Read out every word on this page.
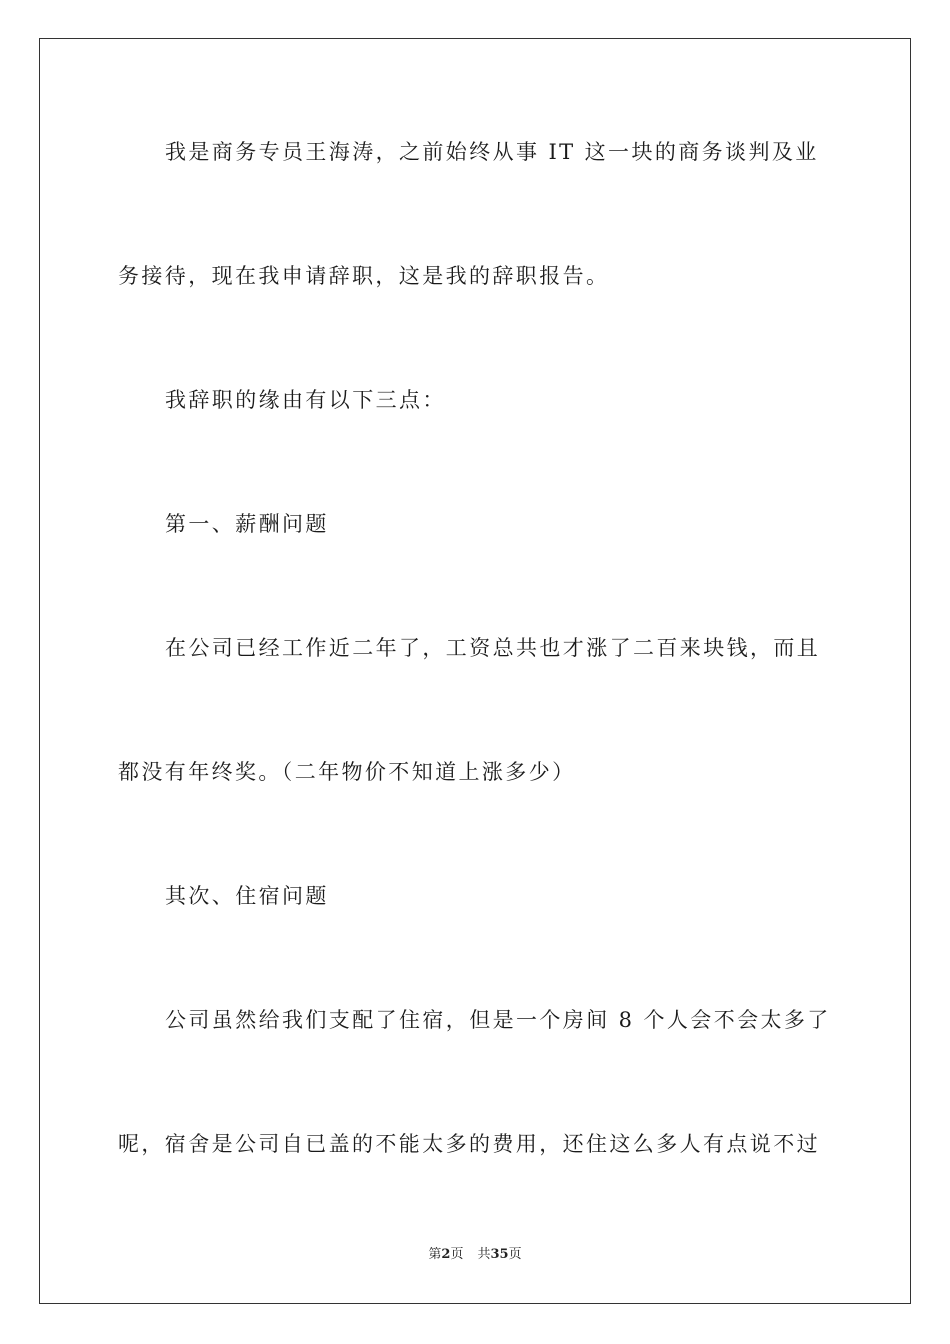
我是商务专员王海涛，之前始终从事 IT 这一块的商务谈判及业
务接待，现在我申请辞职，这是我的辞职报告。
我辞职的缘由有以下三点：
第一、薪酬问题
在公司已经工作近二年了，工资总共也才涨了二百来块钱，而且
都没有年终奖。（二年物价不知道上涨多少）
其次、住宿问题
公司虽然给我们支配了住宿，但是一个房间 8 个人会不会太多了
呢，宿舍是公司自已盖的不能太多的费用，还住这么多人有点说不过
第2页 共35页
